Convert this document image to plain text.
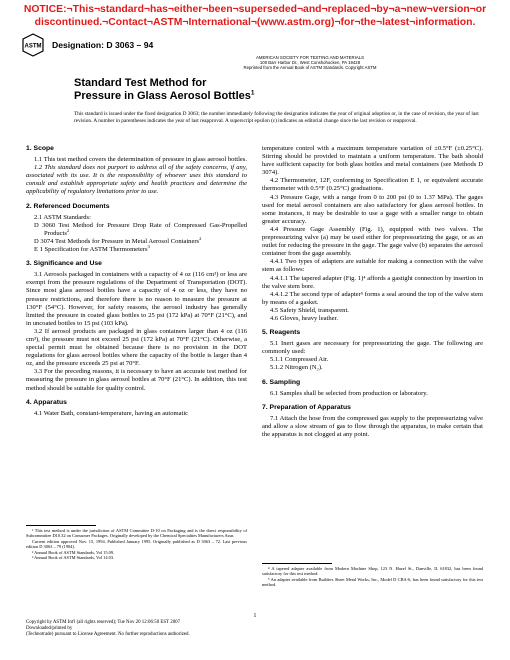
NOTICE:¬This¬standard¬has¬either¬been¬superseded¬and¬replaced¬by¬a¬new¬version¬or
discontinued.¬Contact¬ASTM¬International¬(www.astm.org)¬for¬the¬latest¬information.
ASTM Designation: D 3063 – 94
AMERICAN SOCIETY FOR TESTING AND MATERIALS
100 Barr Harbor Dr., West Conshohocken, PA 19428
Reprinted from the Annual Book of ASTM Standards. Copyright ASTM
Standard Test Method for
Pressure in Glass Aerosol Bottles$^1$
This standard is issued under the fixed designation D 3063; the number immediately following the designation indicates the year of original adoption or, in the case of revision, the year of last revision. A number in parentheses indicates the year of last reapproval. A superscript epsilon (ε) indicates an editorial change since the last revision or reapproval.
1. Scope

1.1 This test method covers the determination of pressure in glass aerosol bottles.

1.2 This standard does not purport to address all of the safety concerns, if any, associated with its use. It is the responsibility of whoever uses this standard to consult and establish appropriate safety and health practices and determine the applicability of regulatory limitations prior to use.

2. Referenced Documents

2.1 ASTM Standards:

D 3060 Test Method for Pressure Drop Rate of Compressed Gas-Propelled Products$^2$

D 3074 Test Methods for Pressure in Metal Aerosol Containers$^2$

E 1 Specification for ASTM Thermometers$^3$

3. Significance and Use

3.1 Aerosols packaged in containers with a capacity of 4 oz (116 cm³) or less are exempt from the pressure regulations of the Department of Transportation (DOT). Since most glass aerosol bottles have a capacity of 4 oz or less, they have no pressure restrictions, and therefore there is no reason to measure the pressure at 130°F (54°C). However, for safety reasons, the aerosol industry has generally limited the pressure in coated glass bottles to 25 psi (172 kPa) at 70°F (21°C), and in uncoated bottles to 15 psi (103 kPa).

3.2 If aerosol products are packaged in glass containers larger than 4 oz (116 cm³), the pressure must not exceed 25 psi (172 kPa) at 70°F (21°C). Otherwise, a special permit must be obtained because there is no provision in the DOT regulations for glass aerosol bottles where the capacity of the bottle is larger than 4 oz, and the pressure exceeds 25 psi at 70°F.

3.3 For the preceding reasons, it is necessary to have an accurate test method for measuring the pressure in glass aerosol bottles at 70°F (21°C). In addition, this test method should be suitable for quality control.

4. Apparatus

4.1 Water Bath, constant-temperature, having an automatic

¹ This test method is under the jurisdiction of ASTM Committee D-10 on Packaging and is the direct responsibility of Subcommittee D10.32 on Consumer Packages. Originally developed by the Chemical Specialties Manufacturers Assn.

Current edition approved Nov. 15, 1994. Published January 1995. Originally published as D 3063 – 72. Last previous edition D 3063 – 79 (1984).

² Annual Book of ASTM Standards, Vol 15.09.

³ Annual Book of ASTM Standards, Vol 14.03.

temperature control with a maximum temperature variation of ±0.5°F (±0.25°C). Stirring should be provided to maintain a uniform temperature. The bath should have sufficient capacity for both glass bottles and metal containers (see Methods D 3074).

4.2 Thermometer, 12F, conforming to Specification E 1, or equivalent accurate thermometer with 0.5°F (0.25°C) graduations.

4.3 Pressure Gage, with a range from 0 to 200 psi (0 to 1.37 MPa). The gages used for metal aerosol containers are also satisfactory for glass aerosol bottles. In some instances, it may be desirable to use a gage with a smaller range to obtain greater accuracy.

4.4 Pressure Gage Assembly (Fig. 1), equipped with two valves. The prepressurizing valve (a) may be used either for prepressurizing the gage, or as an outlet for reducing the pressure in the gage. The gage valve (b) separates the aerosol container from the gage assembly.

4.4.1 Two types of adapters are suitable for making a connection with the valve stem as follows:

4.4.1.1 The tapered adapter (Fig. 1)⁴ affords a gastight connection by insertion in the valve stem bore.

4.4.1.2 The second type of adapter⁵ forms a seal around the top of the valve stem by means of a gasket.

4.5 Safety Shield, transparent.

4.6 Gloves, heavy leather.

5. Reagents

5.1 Inert gases are necessary for prepressurizing the gage. The following are commonly used:

5.1.1 Compressed Air.

5.1.2 Nitrogen (N₂).

6. Sampling

6.1 Samples shall be selected from production or laboratory.

7. Preparation of Apparatus

7.1 Attach the hose from the compressed gas supply to the prepressurizing valve and allow a slow stream of gas to flow through the apparatus, to make certain that the apparatus is not clogged at any point.

⁴ A tapered adapter available from Modern Machine Shop, 123 N. Hazel St., Danville, IL 61832, has been found satisfactory for this test method.

⁵ An adapter available from Builders Sheet Metal Works, Inc., Model D CBA-6, has been found satisfactory for this test method.

1
Copyright by ASTM Int'l (all rights reserved); Tue Nov 20 12:06:50 EST 2007
Downloaded/printed by
(Technotrade) pursuant to License Agreement. No further reproductions authorized.
